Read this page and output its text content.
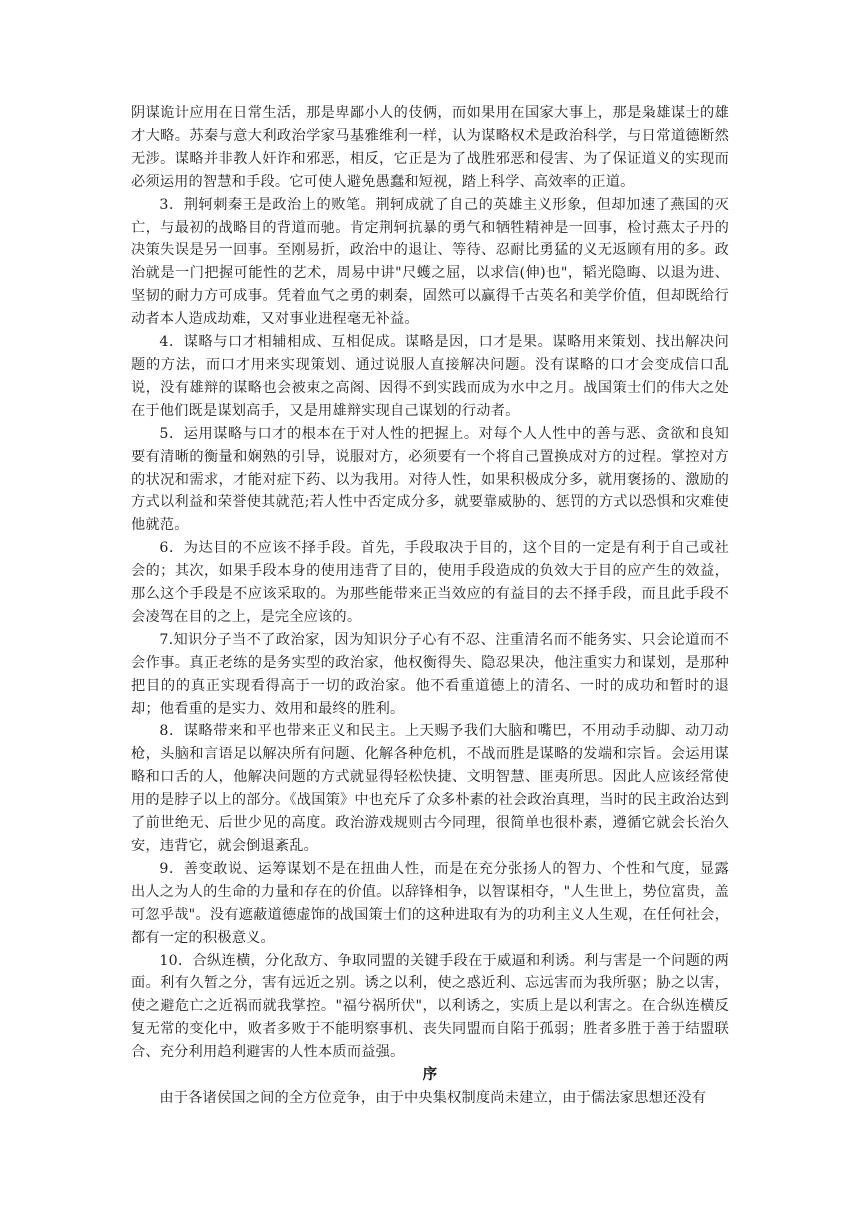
阴谋诡计应用在日常生活，那是卑鄙小人的伎俩，而如果用在国家大事上，那是枭雄谋士的雄才大略。苏秦与意大利政治学家马基雅维利一样，认为谋略权术是政治科学，与日常道德断然无涉。谋略并非教人奸诈和邪恶，相反，它正是为了战胜邪恶和侵害、为了保证道义的实现而必须运用的智慧和手段。它可使人避免愚蠢和短视，踏上科学、高效率的正道。

3．荆轲刺秦王是政治上的败笔。荆轲成就了自己的英雄主义形象，但却加速了燕国的灭亡，与最初的战略目的背道而驰。肯定荆轲抗暴的勇气和牺牲精神是一回事，检讨燕太子丹的决策失误是另一回事。至刚易折，政治中的退让、等待、忍耐比勇猛的义无返顾有用的多。政治就是一门把握可能性的艺术，周易中讲"尺蠖之屈，以求信(伸)也"，韬光隐晦、以退为进、坚韧的耐力方可成事。凭着血气之勇的刺秦，固然可以赢得千古英名和美学价值，但却既给行动者本人造成劫难，又对事业进程毫无补益。

4．谋略与口才相辅相成、互相促成。谋略是因，口才是果。谋略用来策划、找出解决问题的方法，而口才用来实现策划、通过说服人直接解决问题。没有谋略的口才会变成信口乱说，没有雄辩的谋略也会被束之高阁、因得不到实践而成为水中之月。战国策士们的伟大之处在于他们既是谋划高手，又是用雄辩实现自己谋划的行动者。

5．运用谋略与口才的根本在于对人性的把握上。对每个人人性中的善与恶、贪欲和良知要有清晰的衡量和娴熟的引导，说服对方，必须要有一个将自己置换成对方的过程。掌控对方的状况和需求，才能对症下药、以为我用。对待人性，如果积极成分多，就用褒扬的、激励的方式以利益和荣誉使其就范;若人性中否定成分多，就要靠威胁的、惩罚的方式以恐惧和灾难使他就范。

6．为达目的不应该不择手段。首先，手段取决于目的，这个目的一定是有利于自己或社会的；其次，如果手段本身的使用违背了目的，使用手段造成的负效大于目的应产生的效益，那么这个手段是不应该采取的。为那些能带来正当效应的有益目的去不择手段，而且此手段不会凌驾在目的之上，是完全应该的。

7.知识分子当不了政治家，因为知识分子心有不忍、注重清名而不能务实、只会论道而不会作事。真正老练的是务实型的政治家，他权衡得失、隐忍果决，他注重实力和谋划，是那种把目的的真正实现看得高于一切的政治家。他不看重道德上的清名、一时的成功和暂时的退却；他看重的是实力、效用和最终的胜利。

8．谋略带来和平也带来正义和民主。上天赐予我们大脑和嘴巴，不用动手动脚、动刀动枪，头脑和言语足以解决所有问题、化解各种危机，不战而胜是谋略的发端和宗旨。会运用谋略和口舌的人，他解决问题的方式就显得轻松快捷、文明智慧、匪夷所思。因此人应该经常使用的是脖子以上的部分。《战国策》中也充斥了众多朴素的社会政治真理，当时的民主政治达到了前世绝无、后世少见的高度。政治游戏规则古今同理，很简单也很朴素，遵循它就会长治久安，违背它，就会倒退紊乱。

9．善变敢说、运筹谋划不是在扭曲人性，而是在充分张扬人的智力、个性和气度，显露出人之为人的生命的力量和存在的价值。以辞锋相争，以智谋相夺，"人生世上，势位富贵，盖可忽乎哉"。没有遮蔽道德虚饰的战国策士们的这种进取有为的功利主义人生观，在任何社会，都有一定的积极意义。

10．合纵连横，分化敌方、争取同盟的关键手段在于威逼和利诱。利与害是一个问题的两面。利有久暂之分，害有远近之别。诱之以利，使之惑近利、忘远害而为我所驱；胁之以害，使之避危亡之近祸而就我掌控。"福兮祸所伏"，以利诱之，实质上是以利害之。在合纵连横反复无常的变化中，败者多败于不能明察事机、丧失同盟而自陷于孤弱；胜者多胜于善于结盟联合、充分利用趋利避害的人性本质而益强。

序

由于各诸侯国之间的全方位竞争，由于中央集权制度尚未建立，由于儒法家思想还没有
